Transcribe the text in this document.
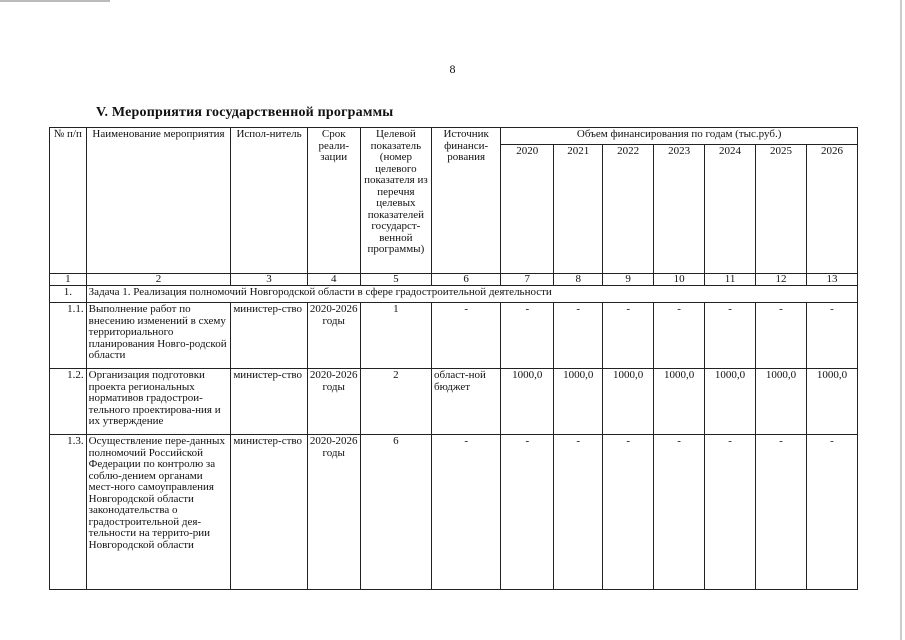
8
V. Мероприятия государственной программы
№ п/п	Наименование мероприятия	Испол-нитель	Срок реали-зации	Целевой показатель (номер целевого показателя из перечня целевых показателей государст-венной программы)	Источник финанси-рования	Объем финансирования по годам (тыс.руб.)						
						2020	2021	2022	2023	2024	2025	2026
1	2	3	4	5	6	7	8	9	10	11	12	13
1.	Задача 1. Реализация полномочий Новгородской области в сфере градостроительной деятельности											
1.1.	Выполнение работ по внесению изменений в схему территориального планирования Новго-родской области	министер-ство	2020-2026 годы	1	-	-	-	-	-	-	-	-
1.2.	Организация подготовки проекта региональных нормативов градострои-тельного проектирова-ния и их утверждение	министер-ство	2020-2026 годы	2	област-ной бюджет	1000,0	1000,0	1000,0	1000,0	1000,0	1000,0	1000,0
1.3.	Осуществление пере-данных полномочий Российской Федерации по контролю за соблю-дением органами мест-ного самоуправления Новгородской области законодательства о градостроительной дея-тельности на террито-рии Новгородской области	министер-ство	2020-2026 годы	6	-	-	-	-	-	-	-	-
